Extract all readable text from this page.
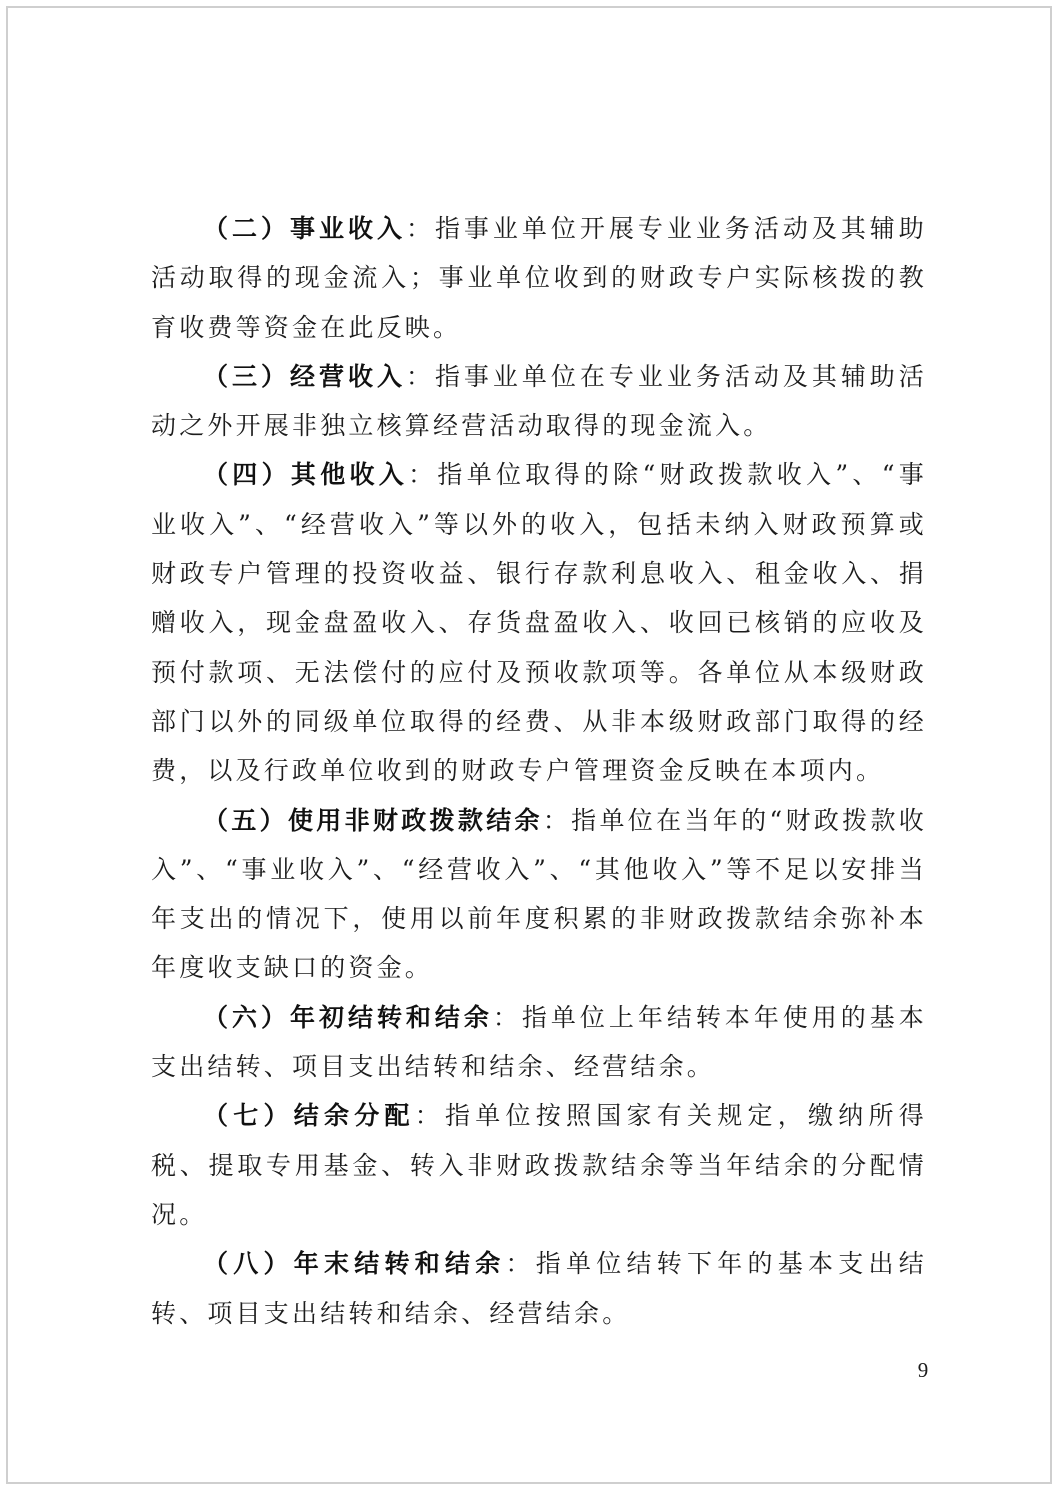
（二）事业收入：指事业单位开展专业业务活动及其辅助活动取得的现金流入；事业单位收到的财政专户实际核拨的教育收费等资金在此反映。

（三）经营收入：指事业单位在专业业务活动及其辅助活动之外开展非独立核算经营活动取得的现金流入。

（四）其他收入：指单位取得的除“财政拨款收入”、“事业收入”、“经营收入”等以外的收入，包括未纳入财政预算或财政专户管理的投资收益、银行存款利息收入、租金收入、捐赠收入，现金盘盈收入、存货盘盈收入、收回已核销的应收及预付款项、无法偿付的应付及预收款项等。各单位从本级财政部门以外的同级单位取得的经费、从非本级财政部门取得的经费，以及行政单位收到的财政专户管理资金反映在本项内。

（五）使用非财政拨款结余：指单位在当年的“财政拨款收入”、“事业收入”、“经营收入”、“其他收入”等不足以安排当年支出的情况下，使用以前年度积累的非财政拨款结余弥补本年度收支缺口的资金。

（六）年初结转和结余：指单位上年结转本年使用的基本支出结转、项目支出结转和结余、经营结余。

（七）结余分配：指单位按照国家有关规定，缴纳所得税、提取专用基金、转入非财政拨款结余等当年结余的分配情况。

（八）年末结转和结余：指单位结转下年的基本支出结转、项目支出结转和结余、经营结余。

9
